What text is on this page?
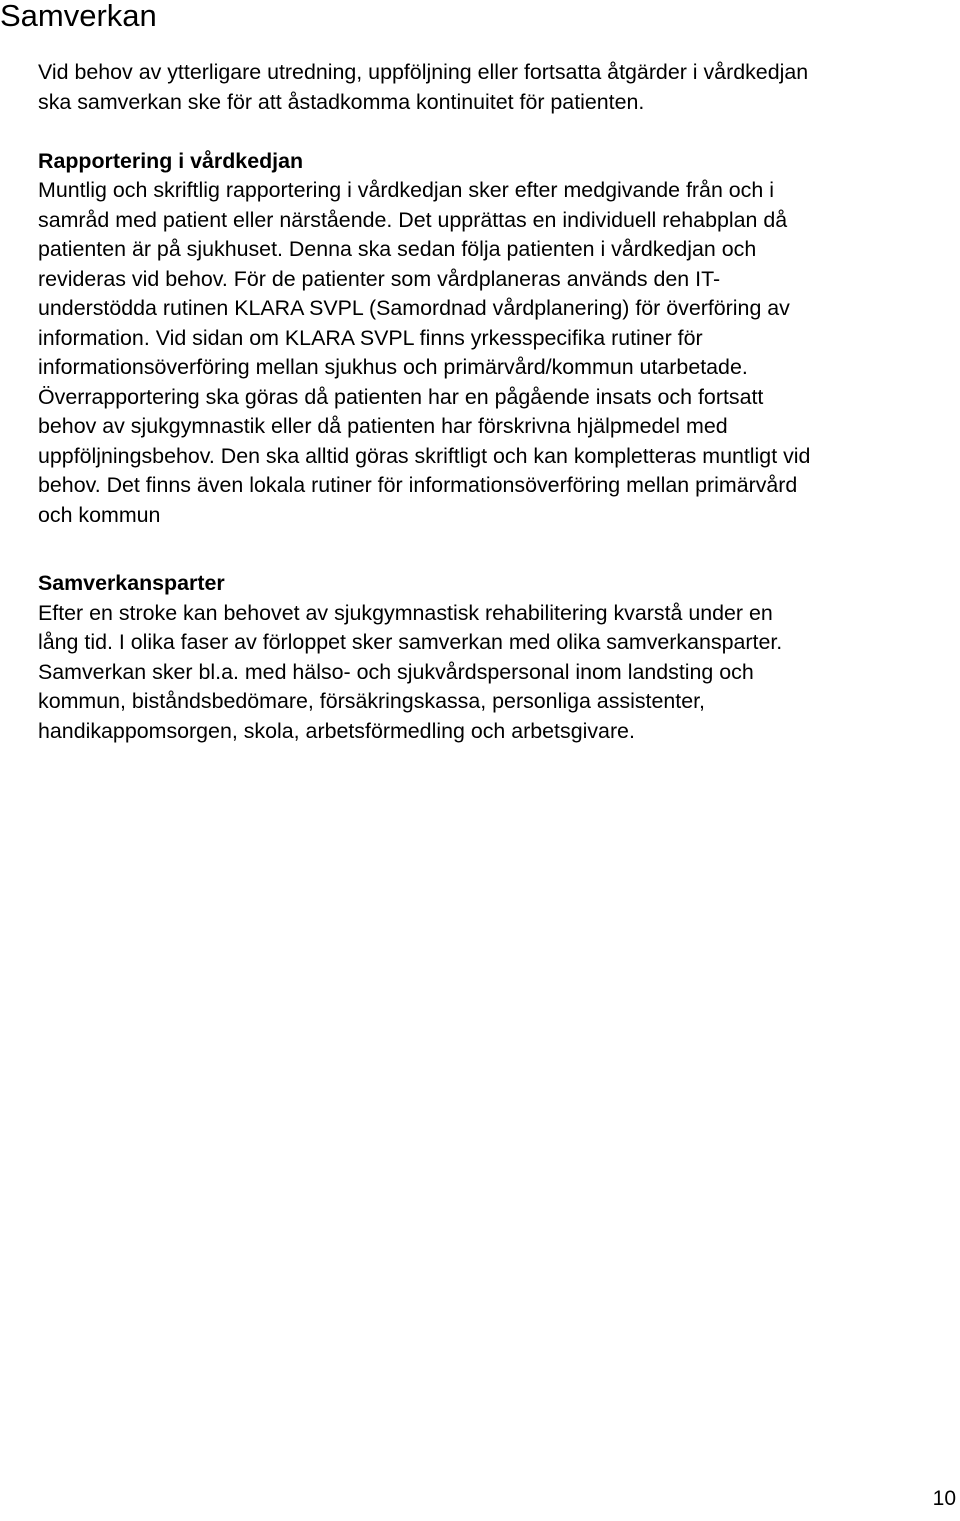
Samverkan
Vid behov av ytterligare utredning, uppföljning eller fortsatta åtgärder i vårdkedjan
ska samverkan ske för att åstadkomma kontinuitet för patienten.
Rapportering i vårdkedjan
Muntlig och skriftlig rapportering i vårdkedjan sker efter medgivande från och i
samråd med patient eller närstående. Det upprättas en individuell rehabplan då
patienten är på sjukhuset. Denna ska sedan följa patienten i vårdkedjan och
revideras vid behov. För de patienter som vårdplaneras används den IT-
understödda rutinen KLARA SVPL (Samordnad vårdplanering) för överföring av
information. Vid sidan om KLARA SVPL finns yrkesspecifika rutiner för
informationsöverföring mellan sjukhus och primärvård/kommun utarbetade.
Överrapportering ska göras då patienten har en pågående insats och fortsatt
behov av sjukgymnastik eller då patienten har förskrivna hjälpmedel med
uppföljningsbehov. Den ska alltid göras skriftligt och kan kompletteras muntligt vid
behov. Det finns även lokala rutiner för informationsöverföring mellan primärvård
och kommun
Samverkansparter
Efter en stroke kan behovet av sjukgymnastisk rehabilitering kvarstå under en
lång tid. I olika faser av förloppet sker samverkan med olika samverkansparter.
Samverkan sker bl.a. med hälso- och sjukvårdspersonal inom landsting och
kommun, biståndsbedömare, försäkringskassa, personliga assistenter,
handikappomsorgen, skola, arbetsförmedling och arbetsgivare.
10
